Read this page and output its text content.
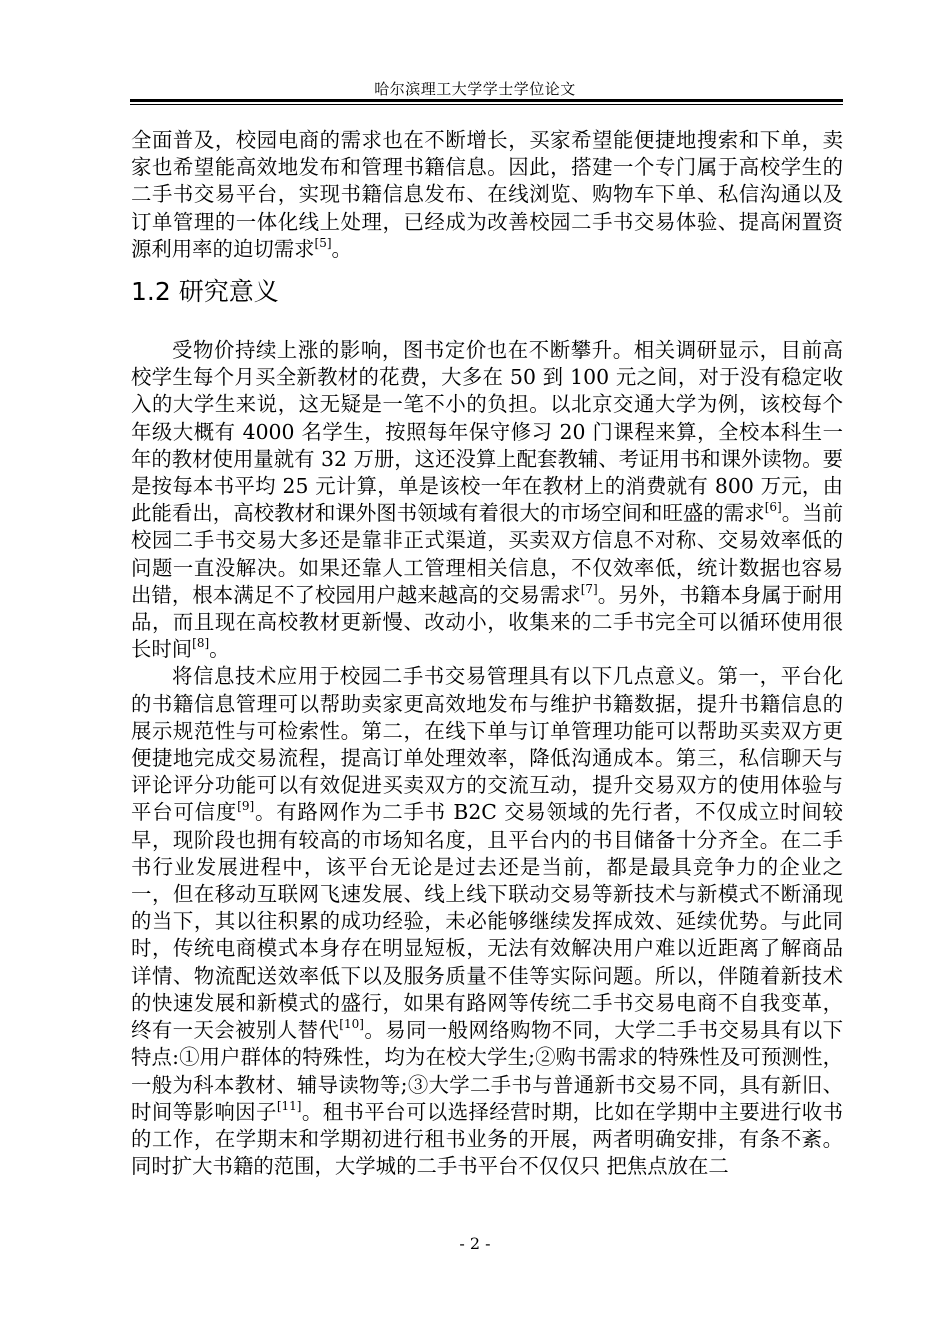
哈尔滨理工大学学士学位论文

全面普及，校园电商的需求也在不断增长，买家希望能便捷地搜索和下单，卖家也希望能高效地发布和管理书籍信息。因此，搭建一个专门属于高校学生的二手书交易平台，实现书籍信息发布、在线浏览、购物车下单、私信沟通以及订单管理的一体化线上处理，已经成为改善校园二手书交易体验、提高闲置资源利用率的迫切需求[5]。

1.2 研究意义

受物价持续上涨的影响，图书定价也在不断攀升。相关调研显示，目前高校学生每个月买全新教材的花费，大多在 50 到 100 元之间，对于没有稳定收入的大学生来说，这无疑是一笔不小的负担。以北京交通大学为例，该校每个年级大概有 4000 名学生，按照每年保守修习 20 门课程来算，全校本科生一年的教材使用量就有 32 万册，这还没算上配套教辅、考证用书和课外读物。要是按每本书平均 25 元计算，单是该校一年在教材上的消费就有 800 万元，由此能看出，高校教材和课外图书领域有着很大的市场空间和旺盛的需求[6]。当前校园二手书交易大多还是靠非正式渠道，买卖双方信息不对称、交易效率低的问题一直没解决。如果还靠人工管理相关信息，不仅效率低，统计数据也容易出错，根本满足不了校园用户越来越高的交易需求[7]。另外，书籍本身属于耐用品，而且现在高校教材更新慢、改动小，收集来的二手书完全可以循环使用很长时间[8]。

将信息技术应用于校园二手书交易管理具有以下几点意义。第一，平台化的书籍信息管理可以帮助卖家更高效地发布与维护书籍数据，提升书籍信息的展示规范性与可检索性。第二，在线下单与订单管理功能可以帮助买卖双方更便捷地完成交易流程，提高订单处理效率，降低沟通成本。第三，私信聊天与评论评分功能可以有效促进买卖双方的交流互动，提升交易双方的使用体验与平台可信度[9]。有路网作为二手书 B2C 交易领域的先行者，不仅成立时间较早，现阶段也拥有较高的市场知名度，且平台内的书目储备十分齐全。在二手书行业发展进程中，该平台无论是过去还是当前，都是最具竞争力的企业之一，但在移动互联网飞速发展、线上线下联动交易等新技术与新模式不断涌现的当下，其以往积累的成功经验，未必能够继续发挥成效、延续优势。与此同时，传统电商模式本身存在明显短板，无法有效解决用户难以近距离了解商品详情、物流配送效率低下以及服务质量不佳等实际问题。所以，伴随着新技术的快速发展和新模式的盛行，如果有路网等传统二手书交易电商不自我变革，终有一天会被别人替代[10]。易同一般网络购物不同，大学二手书交易具有以下特点:①用户群体的特殊性，均为在校大学生;②购书需求的特殊性及可预测性，一般为科本教材、辅导读物等;③大学二手书与普通新书交易不同，具有新旧、时间等影响因子[11]。租书平台可以选择经营时期，比如在学期中主要进行收书的工作，在学期末和学期初进行租书业务的开展，两者明确安排，有条不紊。同时扩大书籍的范围，大学城的二手书平台不仅仅只 把焦点放在二

- 2 -
